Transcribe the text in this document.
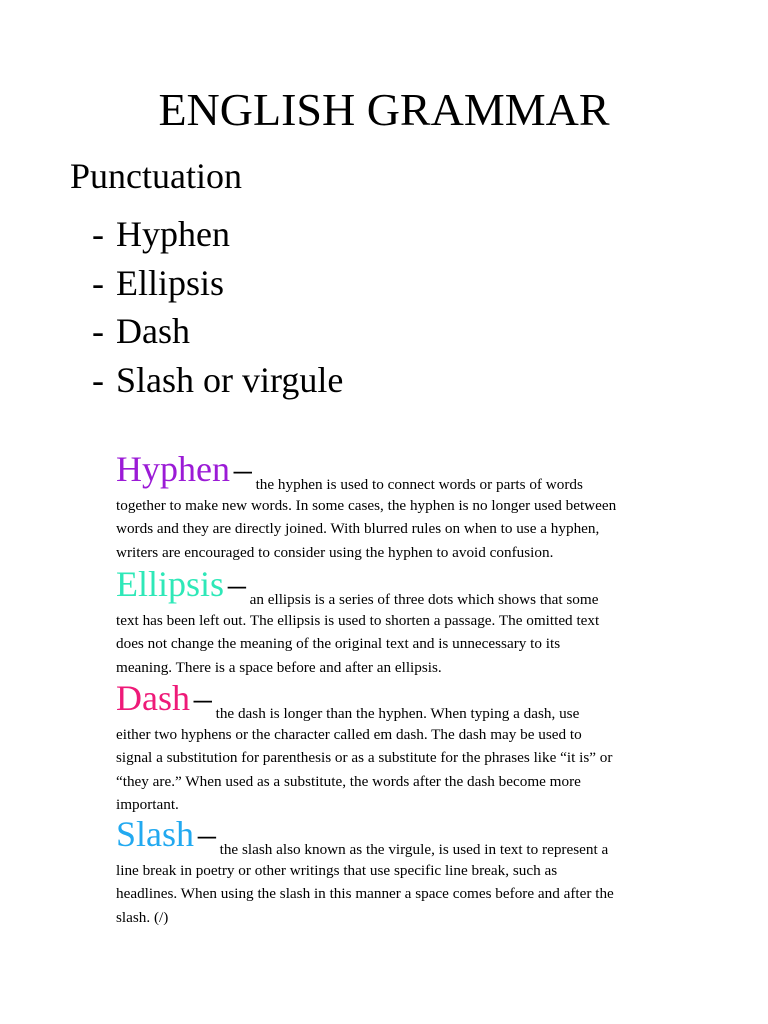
ENGLISH GRAMMAR
Punctuation
- Hyphen
- Ellipsis
- Dash
- Slash or virgule
Hyphen – the hyphen is used to connect words or parts of words
together to make new words. In some cases, the hyphen is no longer used between
words and they are directly joined. With blurred rules on when to use a hyphen,
writers are encouraged to consider using the hyphen to avoid confusion.
Ellipsis – an ellipsis is a series of three dots which shows that some
text has been left out. The ellipsis is used to shorten a passage. The omitted text
does not change the meaning of the original text and is unnecessary to its
meaning. There is a space before and after an ellipsis.
Dash – the dash is longer than the hyphen. When typing a dash, use
either two hyphens or the character called em dash. The dash may be used to
signal a substitution for parenthesis or as a substitute for the phrases like “it is” or
“they are.” When used as a substitute, the words after the dash become more
important.
Slash – the slash also known as the virgule, is used in text to represent a
line break in poetry or other writings that use specific line break, such as
headlines. When using the slash in this manner a space comes before and after the
slash. (/)
